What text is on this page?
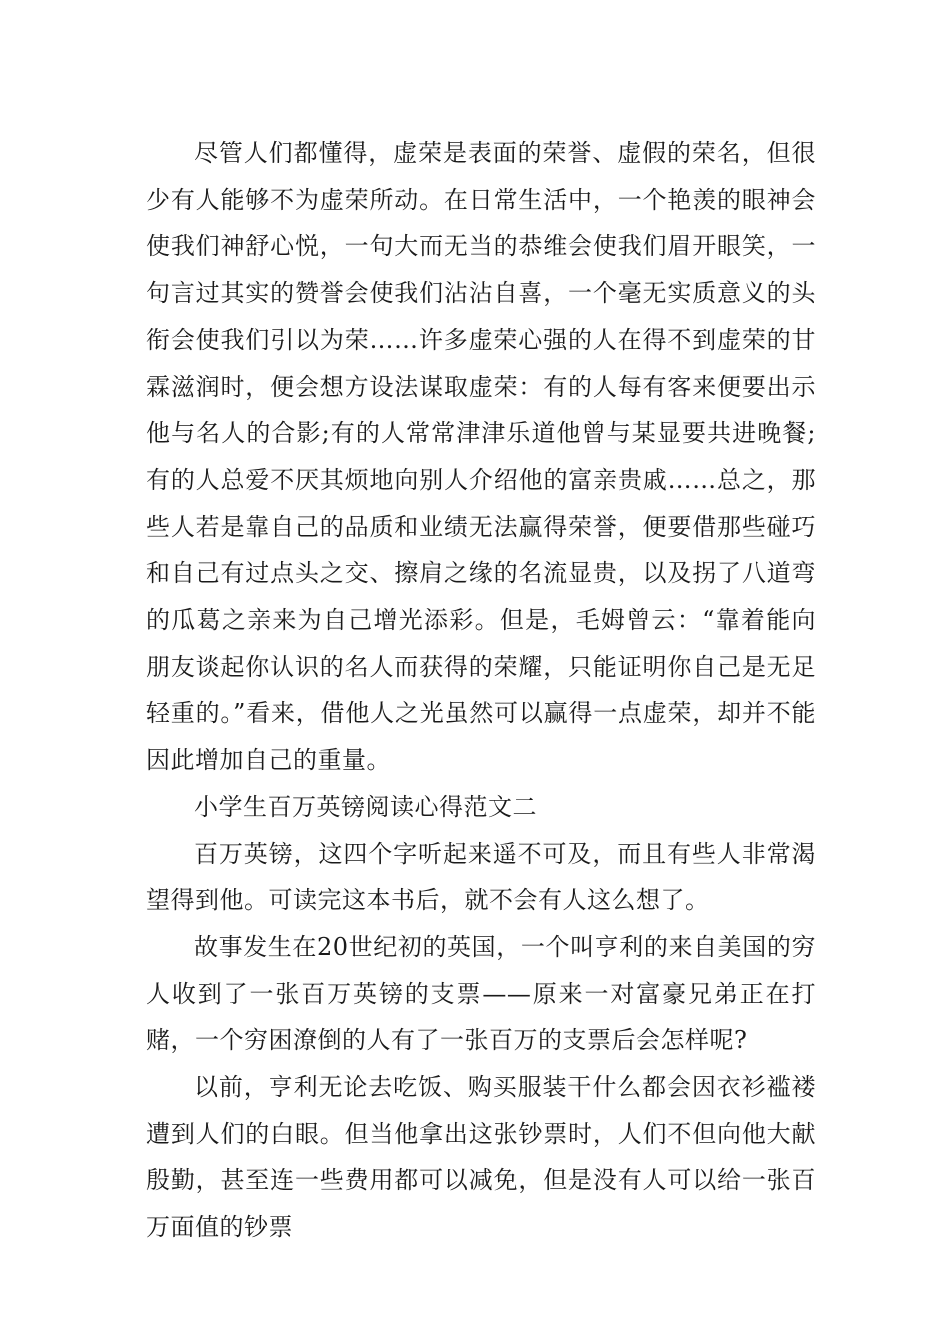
尽管人们都懂得，虚荣是表面的荣誉、虚假的荣名，但很少有人能够不为虚荣所动。在日常生活中，一个艳羡的眼神会使我们神舒心悦，一句大而无当的恭维会使我们眉开眼笑，一句言过其实的赞誉会使我们沾沾自喜，一个毫无实质意义的头衔会使我们引以为荣……许多虚荣心强的人在得不到虚荣的甘霖滋润时，便会想方设法谋取虚荣：有的人每有客来便要出示他与名人的合影;有的人常常津津乐道他曾与某显要共进晚餐;有的人总爱不厌其烦地向别人介绍他的富亲贵戚……总之，那些人若是靠自己的品质和业绩无法赢得荣誉，便要借那些碰巧和自己有过点头之交、擦肩之缘的名流显贵，以及拐了八道弯的瓜葛之亲来为自己增光添彩。但是，毛姆曾云：“靠着能向朋友谈起你认识的名人而获得的荣耀，只能证明你自己是无足轻重的。”看来，借他人之光虽然可以赢得一点虚荣，却并不能因此增加自己的重量。

小学生百万英镑阅读心得范文二

百万英镑，这四个字听起来遥不可及，而且有些人非常渴望得到他。可读完这本书后，就不会有人这么想了。

故事发生在20世纪初的英国，一个叫亨利的来自美国的穷人收到了一张百万英镑的支票——原来一对富豪兄弟正在打赌，一个穷困潦倒的人有了一张百万的支票后会怎样呢?

以前，亨利无论去吃饭、购买服装干什么都会因衣衫褴褛遭到人们的白眼。但当他拿出这张钞票时，人们不但向他大献殷勤，甚至连一些费用都可以减免，但是没有人可以给一张百万面值的钞票
